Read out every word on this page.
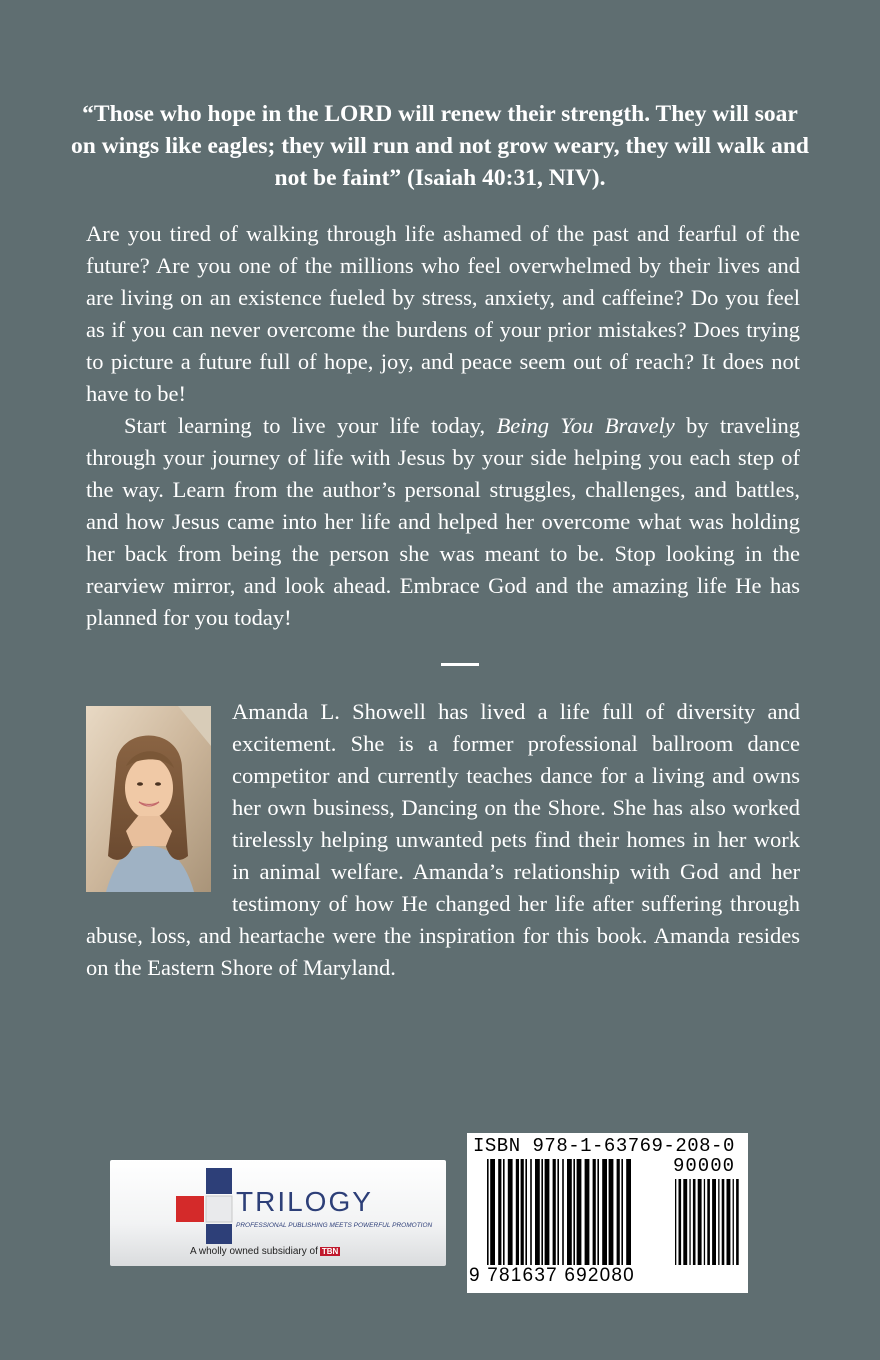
“Those who hope in the LORD will renew their strength. They will soar on wings like eagles; they will run and not grow weary, they will walk and not be faint” (Isaiah 40:31, NIV).

Are you tired of walking through life ashamed of the past and fearful of the future? Are you one of the millions who feel overwhelmed by their lives and are living on an existence fueled by stress, anxiety, and caffeine? Do you feel as if you can never overcome the burdens of your prior mistakes? Does trying to picture a future full of hope, joy, and peace seem out of reach? It does not have to be!

Start learning to live your life today, Being You Bravely by traveling through your journey of life with Jesus by your side helping you each step of the way. Learn from the author’s personal struggles, challenges, and battles, and how Jesus came into her life and helped her overcome what was holding her back from being the person she was meant to be. Stop looking in the rearview mirror, and look ahead. Embrace God and the amazing life He has planned for you today!

Amanda L. Showell has lived a life full of diversity and excitement. She is a former professional ballroom dance competitor and currently teaches dance for a living and owns her own business, Dancing on the Shore. She has also worked tirelessly helping unwanted pets find their homes in her work in animal welfare. Amanda’s relationship with God and her testimony of how He changed her life after suffering through abuse, loss, and heartache were the inspiration for this book. Amanda resides on the Eastern Shore of Maryland.
TRILOGY
PROFESSIONAL PUBLISHING MEETS POWERFUL PROMOTION
A wholly owned subsidiary of TBN
ISBN 978-1-63769-208-0
9 781637 692080
90000
